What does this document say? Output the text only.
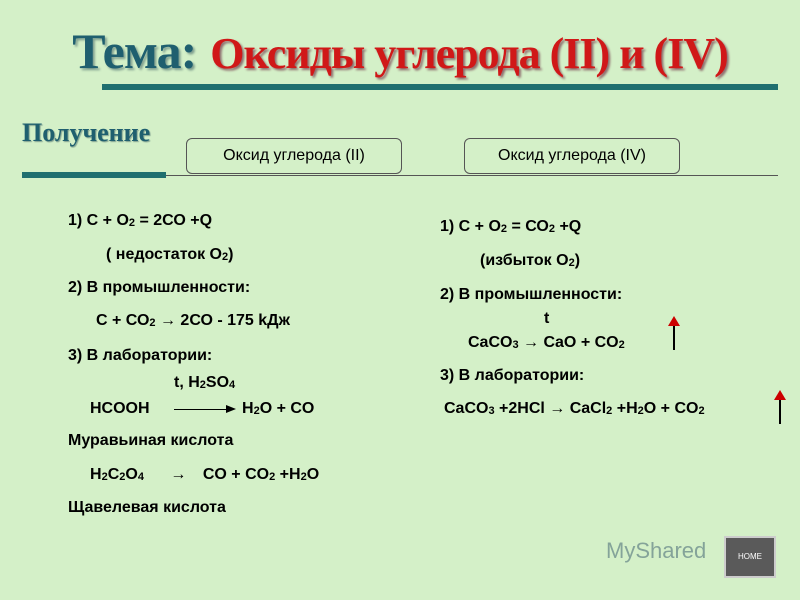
Тема: Оксиды углерода (II) и (IV)
Получение
Оксид углерода (II)	Оксид углерода (IV)
1) $С + О_2 = 2СО +Q$
( недостаток $О_2$)
2) В промышленности:
$С + СО_2 \to 2СО - 175$ kДж
3) В лаборатории:
t, $H_2SO_4$
HCOOH	$H_2O$ + CO
Муравьиная кислота
$H_2C_2O_4$ → CO + $CO_2 +H_2O$
Щавелевая кислота
1) $С + О_2 = СО_2 +Q$
(избыток $О_2$)
2) В промышленности:
t
CaCO$_3$ → CaO + $CO_2$
3) В лаборатории:
CaCO$_3$ +2HCl → CaCl$_2$ $+H_2O + CO_2$
MyShared	HOME
